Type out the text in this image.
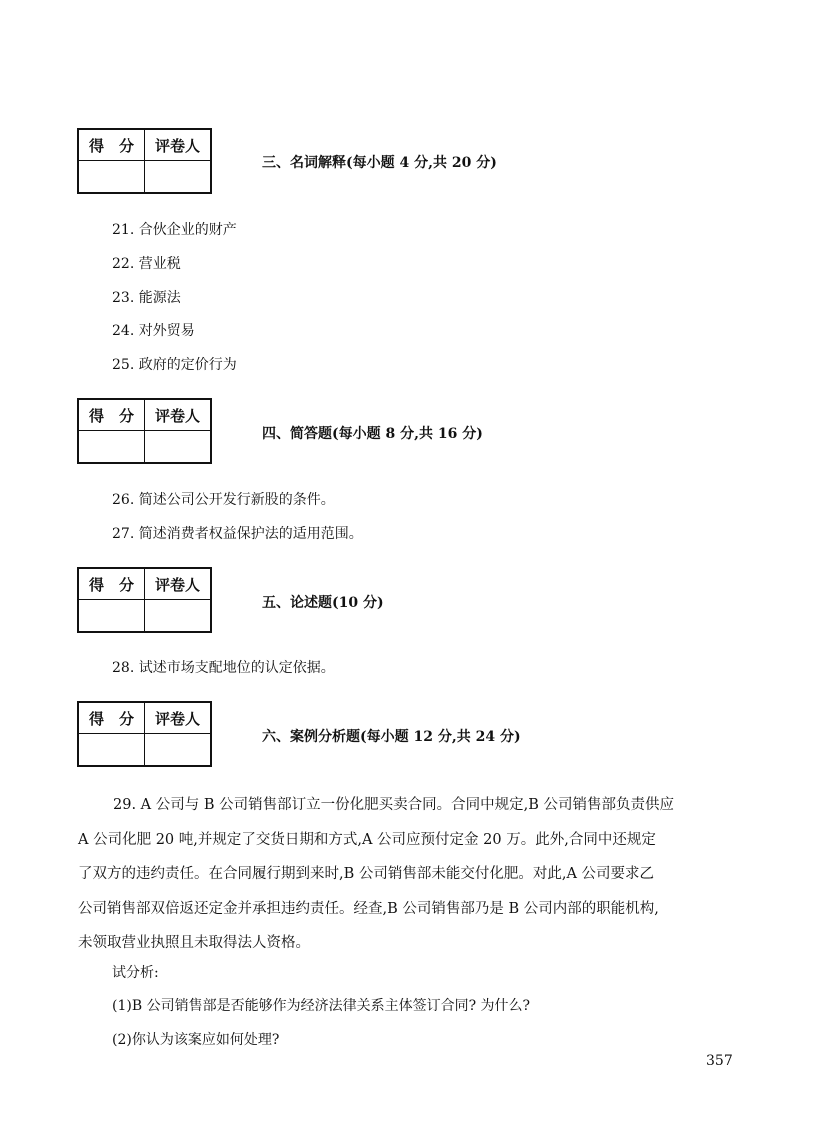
得　分	评卷人
三、名词解释(每小题 4 分,共 20 分)
21. 合伙企业的财产
22. 营业税
23. 能源法
24. 对外贸易
25. 政府的定价行为
得　分	评卷人
四、简答题(每小题 8 分,共 16 分)
26. 简述公司公开发行新股的条件。
27. 简述消费者权益保护法的适用范围。
得　分	评卷人
五、论述题(10 分)
28. 试述市场支配地位的认定依据。
得　分	评卷人
六、案例分析题(每小题 12 分,共 24 分)
29. A 公司与 B 公司销售部订立一份化肥买卖合同。合同中规定,B 公司销售部负责供应
A 公司化肥 20 吨,并规定了交货日期和方式,A 公司应预付定金 20 万。此外,合同中还规定
了双方的违约责任。在合同履行期到来时,B 公司销售部未能交付化肥。对此,A 公司要求乙
公司销售部双倍返还定金并承担违约责任。经查,B 公司销售部乃是 B 公司内部的职能机构,
未领取营业执照且未取得法人资格。
试分析:
(1)B 公司销售部是否能够作为经济法律关系主体签订合同? 为什么?
(2)你认为该案应如何处理?
357
